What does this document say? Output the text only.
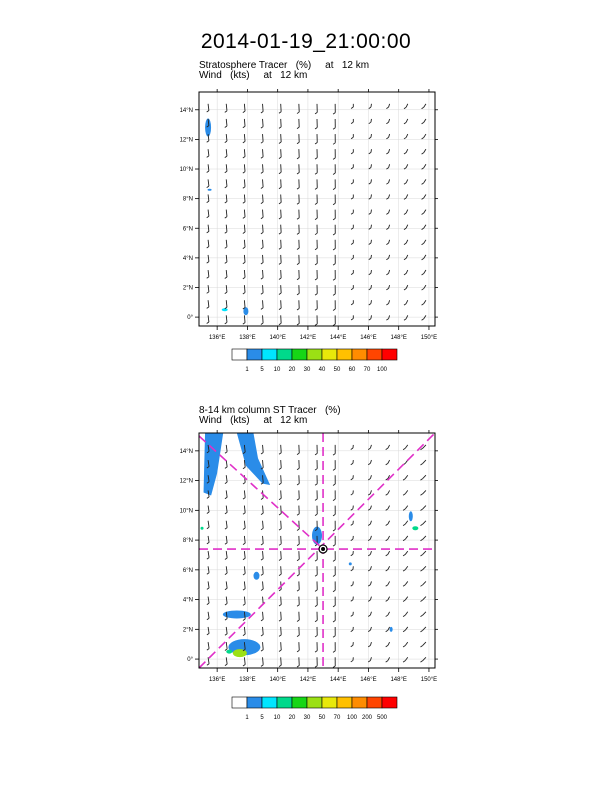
2014-01-19_21:00:00
Stratosphere Tracer   (%)     at   12 km
Wind   (kts)     at   12 km
8-14 km column ST Tracer   (%)
Wind   (kts)     at   12 km
136°E 138°E 140°E 142°E 144°E 146°E 148°E 150°E
0°
2°N
4°N
6°N
8°N
10°N
12°N
14°N
1 5 10 20 30 40 50 60 70 100
136°E 138°E 140°E 142°E 144°E 146°E 148°E 150°E
0°
2°N
4°N
6°N
8°N
10°N
12°N
14°N
1 5 10 20 30 50 70 100 200 500
